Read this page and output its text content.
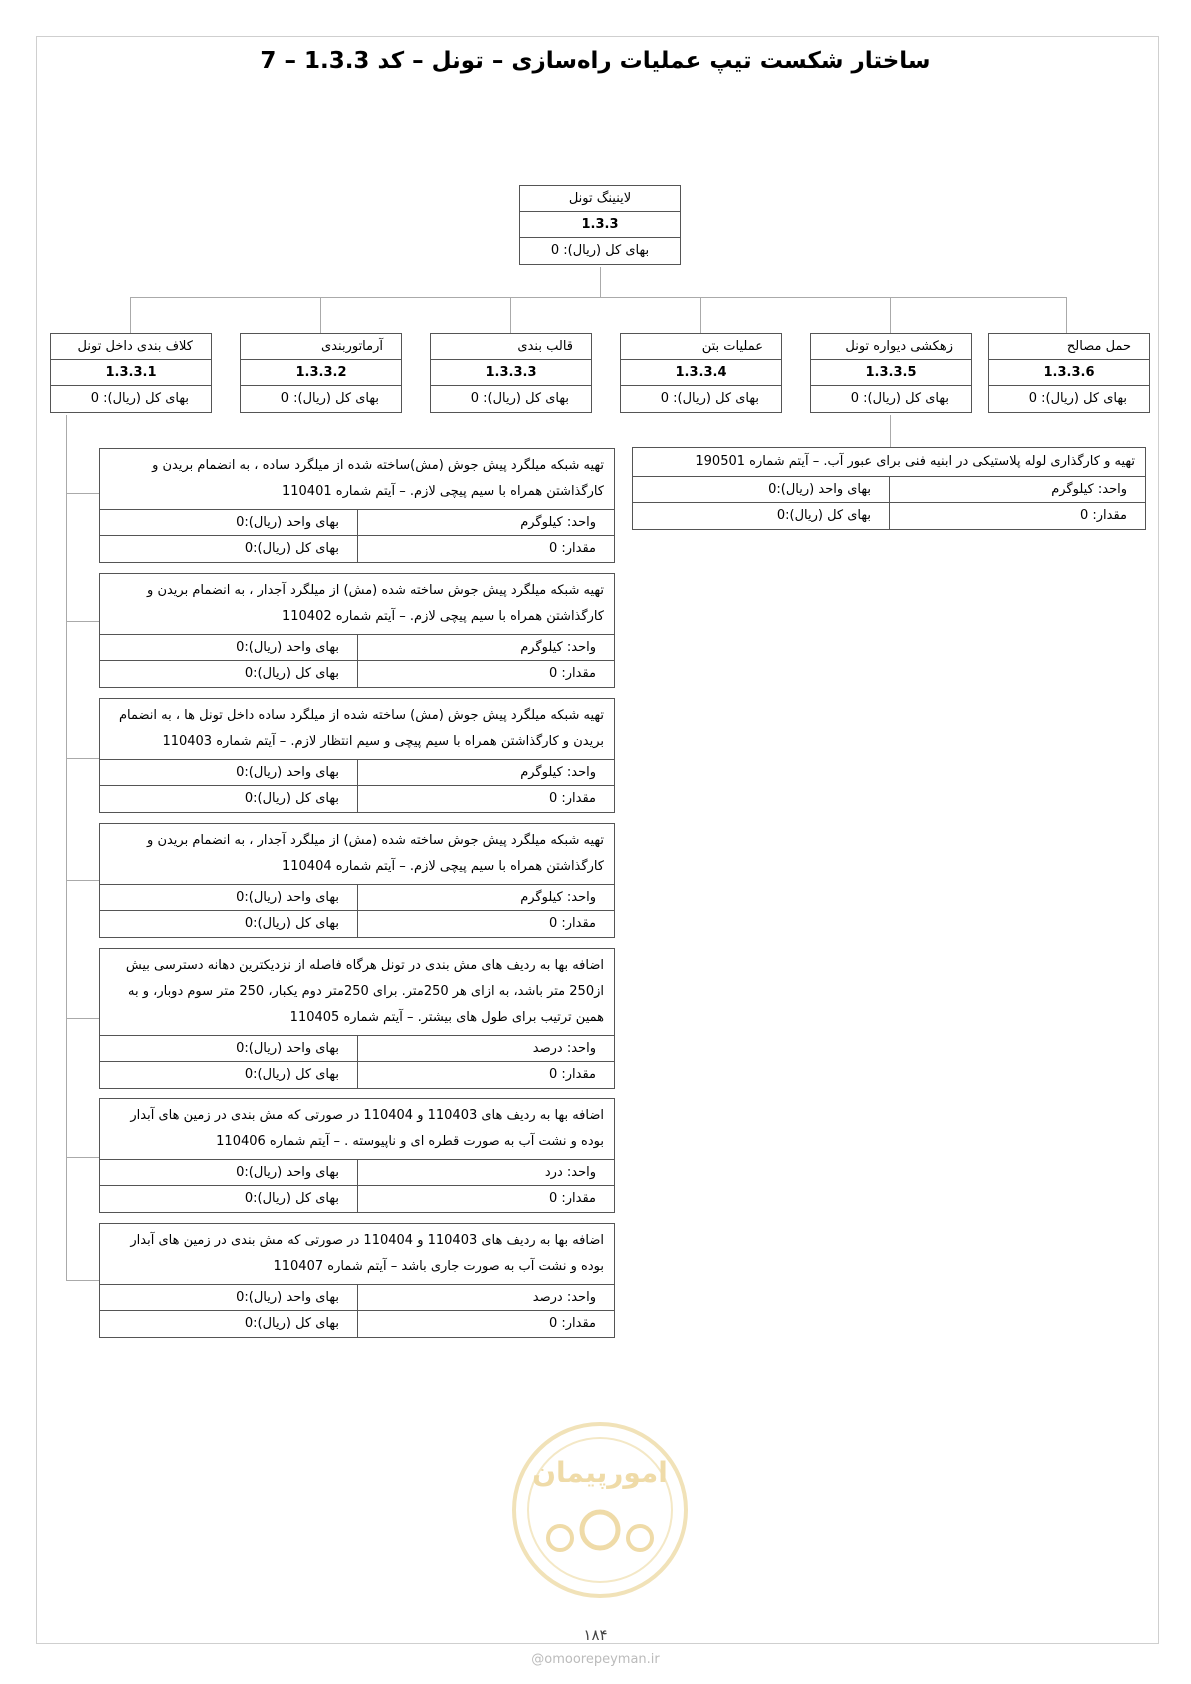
ساختار شکست تیپ عملیات راه‌سازی – تونل – کد 1.3.3 – 7
لاینینگ تونل
1.3.3
بهای کل (ریال): 0
حمل مصالح
1.3.3.6
بهای کل (ریال): 0
زهکشی دیواره تونل
1.3.3.5
بهای کل (ریال): 0
عملیات بتن
1.3.3.4
بهای کل (ریال): 0
قالب بندی
1.3.3.3
بهای کل (ریال): 0
آرماتوربندی
1.3.3.2
بهای کل (ریال): 0
کلاف بندی داخل تونل
1.3.3.1
بهای کل (ریال): 0
تهیه و کارگذاری لوله پلاستیکی در ابنیه فنی برای عبور آب. – آیتم شماره 190501
واحد: کیلوگرم
بهای واحد (ریال):0
مقدار: 0
بهای کل (ریال):0
تهیه شبکه میلگرد پیش جوش (مش)ساخته شده از میلگرد ساده ، به انضمام بریدن و کارگذاشتن همراه با سیم پیچی لازم. – آیتم شماره 110401
واحد: کیلوگرم
بهای واحد (ریال):0
مقدار: 0
بهای کل (ریال):0
تهیه شبکه میلگرد پیش جوش ساخته شده (مش) از میلگرد آجدار ، به انضمام بریدن و کارگذاشتن همراه با سیم پیچی لازم. – آیتم شماره 110402
واحد: کیلوگرم
بهای واحد (ریال):0
مقدار: 0
بهای کل (ریال):0
تهیه شبکه میلگرد پیش جوش (مش) ساخته شده از میلگرد ساده داخل تونل ها ، به انضمام بریدن و کارگذاشتن همراه با سیم پیچی و سیم انتظار لازم. – آیتم شماره 110403
واحد: کیلوگرم
بهای واحد (ریال):0
مقدار: 0
بهای کل (ریال):0
تهیه شبکه میلگرد پیش جوش ساخته شده (مش) از میلگرد آجدار ، به انضمام بریدن و کارگذاشتن همراه با سیم پیچی لازم. – آیتم شماره 110404
واحد: کیلوگرم
بهای واحد (ریال):0
مقدار: 0
بهای کل (ریال):0
اضافه بها به ردیف های مش بندی در تونل هرگاه فاصله از نزدیکترین دهانه دسترسی بیش از250 متر باشد، به ازای هر 250متر. برای 250متر دوم یکبار، 250 متر سوم دوبار، و به همین ترتیب برای طول های بیشتر. – آیتم شماره 110405
واحد: درصد
بهای واحد (ریال):0
مقدار: 0
بهای کل (ریال):0
اضافه بها به ردیف های 110403 و 110404 در صورتی که مش بندی در زمین های آبدار بوده و نشت آب به صورت قطره ای و ناپیوسته . – آیتم شماره 110406
واحد: درد
بهای واحد (ریال):0
مقدار: 0
بهای کل (ریال):0
اضافه بها به ردیف های 110403 و 110404 در صورتی که مش بندی در زمین های آبدار بوده و نشت آب به صورت جاری باشد – آیتم شماره 110407
واحد: درصد
بهای واحد (ریال):0
مقدار: 0
بهای کل (ریال):0
امورپیمان
۱۸۴
@omoorepeyman.ir
